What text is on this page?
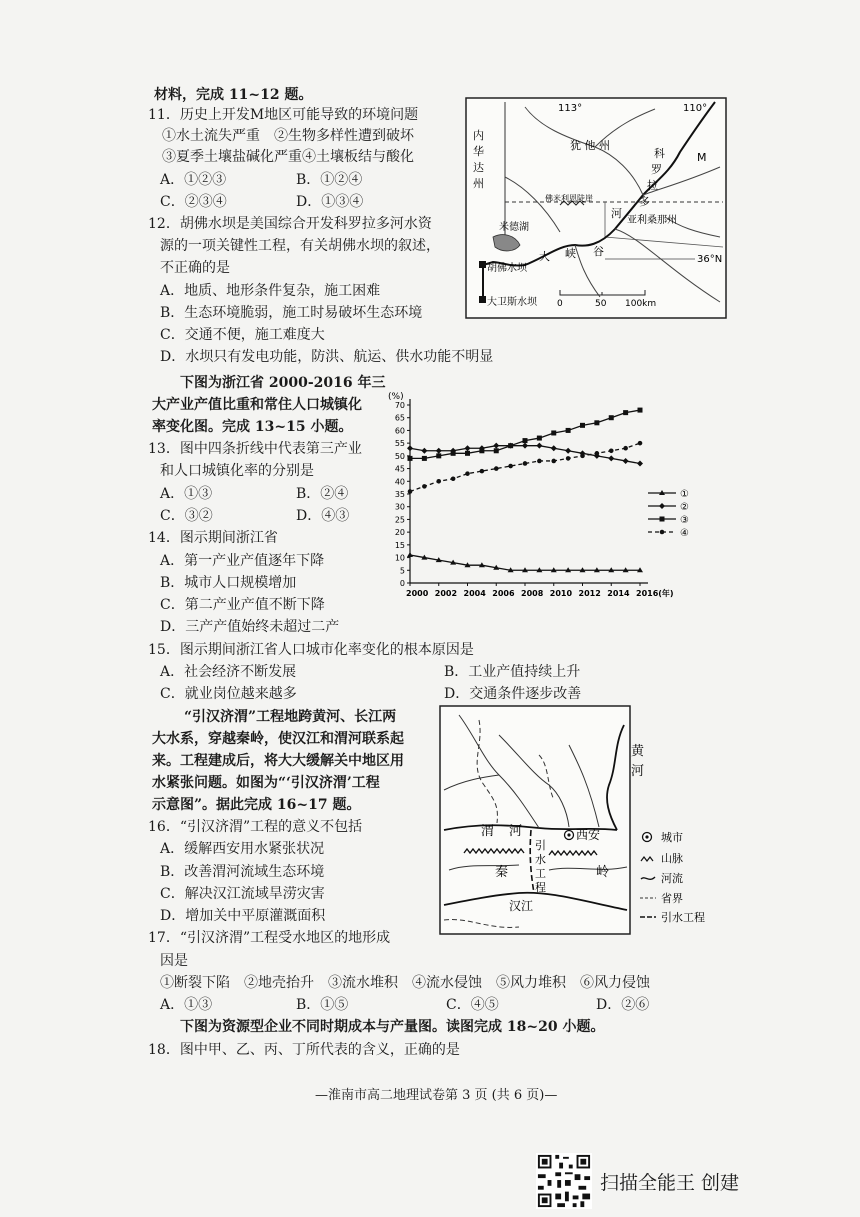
材料，完成 11~12 题。
11．历史上开发M地区可能导致的环境问题
①水土流失严重　②生物多样性遭到破坏
③夏季土壤盐碱化严重④土壤板结与酸化
A．①②③	B．①②④
C．②③④	D．①③④
12．胡佛水坝是美国综合开发科罗拉多河水资
源的一项关键性工程，有关胡佛水坝的叙述，
不正确的是
A．地质、地形条件复杂，施工困难
B．生态环境脆弱，施工时易破坏生态环境
C．交通不便，施工难度大
D．水坝只有发电功能，防洪、航运、供水功能不明显
113°	110°
36°N
M
内
华
达
州
犹 他 州
科
罗
拉
多
河
大 峡 谷
亚利桑那州
佛米利恩陡崖
米德湖
胡佛水坝
大卫斯水坝 0	50 100km
下图为浙江省 2000-2016 年三
大产业产值比重和常住人口城镇化
率变化图。完成 13~15 小题。
(%)
0
5
10
15
20
25
30
35
40
45
50
55
60
65
70
2000 2002 2004 2006 2008 2010 2012 2014 2016(年)
①
②
③
④
13．图中四条折线中代表第三产业
和人口城镇化率的分别是
A．①③	B．②④
C．③②	D．④③
14．图示期间浙江省
A．第一产业产值逐年下降
B．城市人口规模增加
C．第二产业产值不断下降
D．三产产值始终未超过二产
15．图示期间浙江省人口城市化率变化的根本原因是
A．社会经济不断发展	B．工业产值持续上升
C．就业岗位越来越多	D．交通条件逐步改善
“引汉济渭”工程地跨黄河、长江两
大水系，穿越秦岭，使汉江和渭河联系起
来。工程建成后，将大大缓解关中地区用
水紧张问题。如图为“‘引汉济渭’工程
示意图”。据此完成 16~17 题。
黄
河
渭 河	西安
秦	岭
引
水
工
程
汉江
城市
山脉
河流
省界
引水工程
16．“引汉济渭”工程的意义不包括
A．缓解西安用水紧张状况
B．改善渭河流域生态环境
C．解决汉江流域旱涝灾害
D．增加关中平原灌溉面积
17．“引汉济渭”工程受水地区的地形成
因是
①断裂下陷　②地壳抬升　③流水堆积　④流水侵蚀　⑤风力堆积　⑥风力侵蚀
A．①③	B．①⑤	C．④⑤	D．②⑥
下图为资源型企业不同时期成本与产量图。读图完成 18~20 小题。
18．图中甲、乙、丙、丁所代表的含义，正确的是
—淮南市高二地理试卷第 3 页 (共 6 页)—
扫描全能王 创建
